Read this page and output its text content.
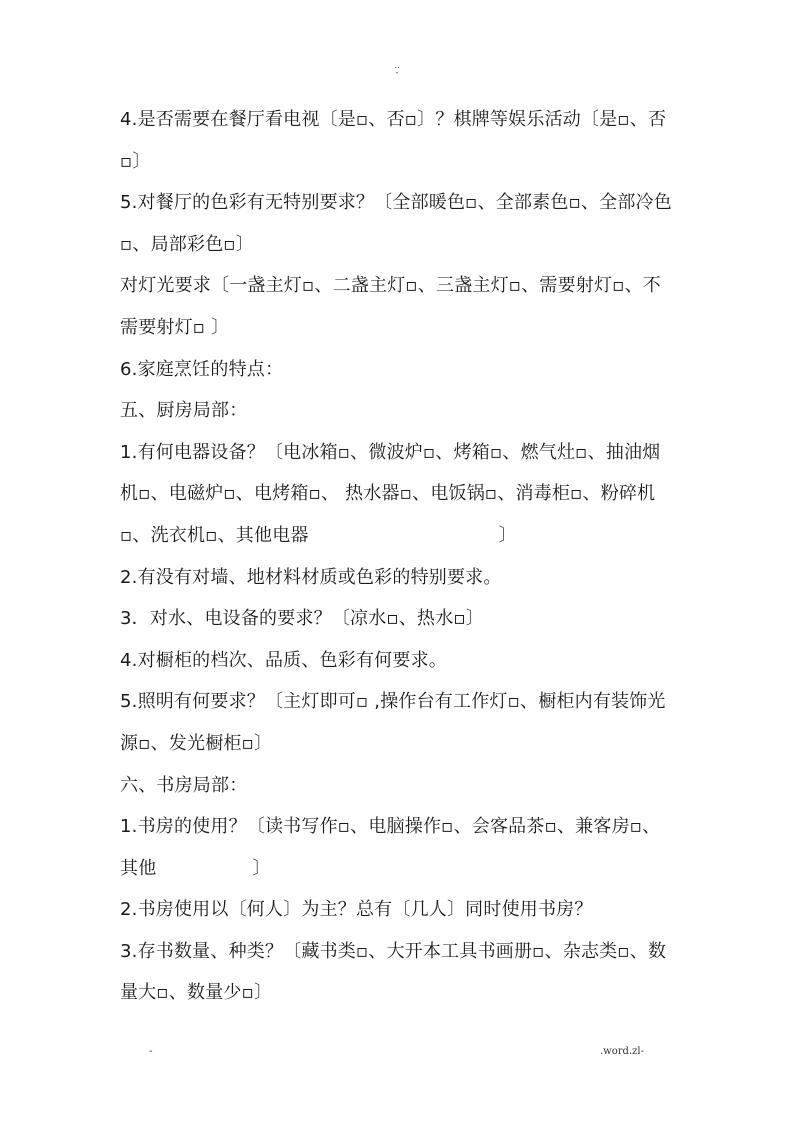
..
-

4.是否需要在餐厅看电视〔是▫、否▫〕？棋牌等娱乐活动〔是▫、否

▫〕

5.对餐厅的色彩有无特别要求？〔全部暖色▫、全部素色▫、全部冷色

▫、局部彩色▫〕

对灯光要求〔一盏主灯▫、二盏主灯▫、三盏主灯▫、需要射灯▫、不

需要射灯▫ 〕

6.家庭烹饪的特点：

五、厨房局部：

1.有何电器设备？〔电冰箱▫、微波炉▫、烤箱▫、燃气灶▫、抽油烟

机▫、电磁炉▫、电烤箱▫、 热水器▫、电饭锅▫、消毒柜▫、粉碎机

▫、洗衣机▫、其他电器	〕

2.有没有对墙、地材料材质或色彩的特别要求。

3．对水、电设备的要求？〔凉水▫、热水▫〕

4.对橱柜的档次、品质、色彩有何要求。

5.照明有何要求？〔主灯即可▫ ,操作台有工作灯▫、橱柜内有装饰光

源▫、发光橱柜▫〕

六、书房局部：

1.书房的使用？〔读书写作▫、电脑操作▫、会客品茶▫、兼客房▫、

其他	〕

2.书房使用以〔何人〕为主？总有〔几人〕同时使用书房？

3.存书数量、种类？〔藏书类▫、大开本工具书画册▫、杂志类▫、数

量大▫、数量少▫〕

-	.word.zl-
